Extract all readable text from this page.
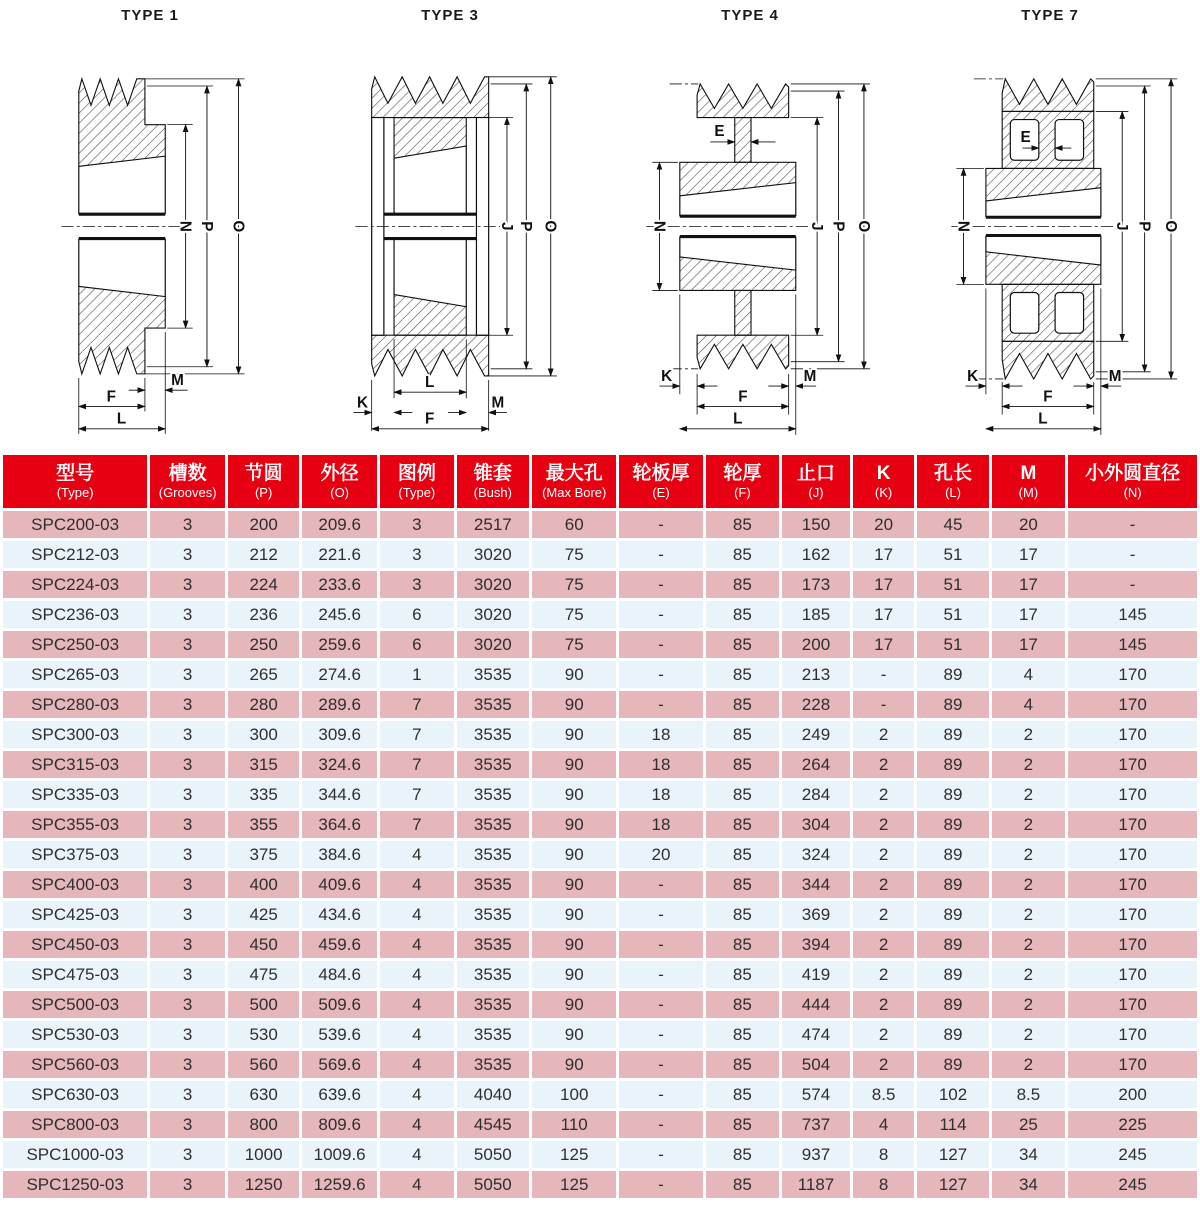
TYPE 1
N P O
M
F
L
TYPE 3
J P O
L
K	M
F
TYPE 4
E
N	J P O
K	M
F
L
TYPE 7
E
N	J P O
K	M
F
L
型号
(Type)

槽数
(Grooves)

节圆
(P)

外径
(O)

图例
(Type)

锥套
(Bush)

最大孔
(Max Bore)

轮板厚
(E)

轮厚
(F)

止口
(J)

K
(K)

孔长
(L)

M
(M)

小外圆直径
(N)

SPC200-03	3	200	209.6	3	2517	60	-	85	150	20	45	20	-
SPC212-03	3	212	221.6	3	3020	75	-	85	162	17	51	17	-
SPC224-03	3	224	233.6	3	3020	75	-	85	173	17	51	17	-
SPC236-03	3	236	245.6	6	3020	75	-	85	185	17	51	17	145
SPC250-03	3	250	259.6	6	3020	75	-	85	200	17	51	17	145
SPC265-03	3	265	274.6	1	3535	90	-	85	213	-	89	4	170
SPC280-03	3	280	289.6	7	3535	90	-	85	228	-	89	4	170
SPC300-03	3	300	309.6	7	3535	90	18	85	249	2	89	2	170
SPC315-03	3	315	324.6	7	3535	90	18	85	264	2	89	2	170
SPC335-03	3	335	344.6	7	3535	90	18	85	284	2	89	2	170
SPC355-03	3	355	364.6	7	3535	90	18	85	304	2	89	2	170
SPC375-03	3	375	384.6	4	3535	90	20	85	324	2	89	2	170
SPC400-03	3	400	409.6	4	3535	90	-	85	344	2	89	2	170
SPC425-03	3	425	434.6	4	3535	90	-	85	369	2	89	2	170
SPC450-03	3	450	459.6	4	3535	90	-	85	394	2	89	2	170
SPC475-03	3	475	484.6	4	3535	90	-	85	419	2	89	2	170
SPC500-03	3	500	509.6	4	3535	90	-	85	444	2	89	2	170
SPC530-03	3	530	539.6	4	3535	90	-	85	474	2	89	2	170
SPC560-03	3	560	569.6	4	3535	90	-	85	504	2	89	2	170
SPC630-03	3	630	639.6	4	4040	100	-	85	574	8.5	102	8.5	200
SPC800-03	3	800	809.6	4	4545	110	-	85	737	4	114	25	225
SPC1000-03	3	1000	1009.6	4	5050	125	-	85	937	8	127	34	245
SPC1250-03	3	1250	1259.6	4	5050	125	-	85	1187	8	127	34	245
